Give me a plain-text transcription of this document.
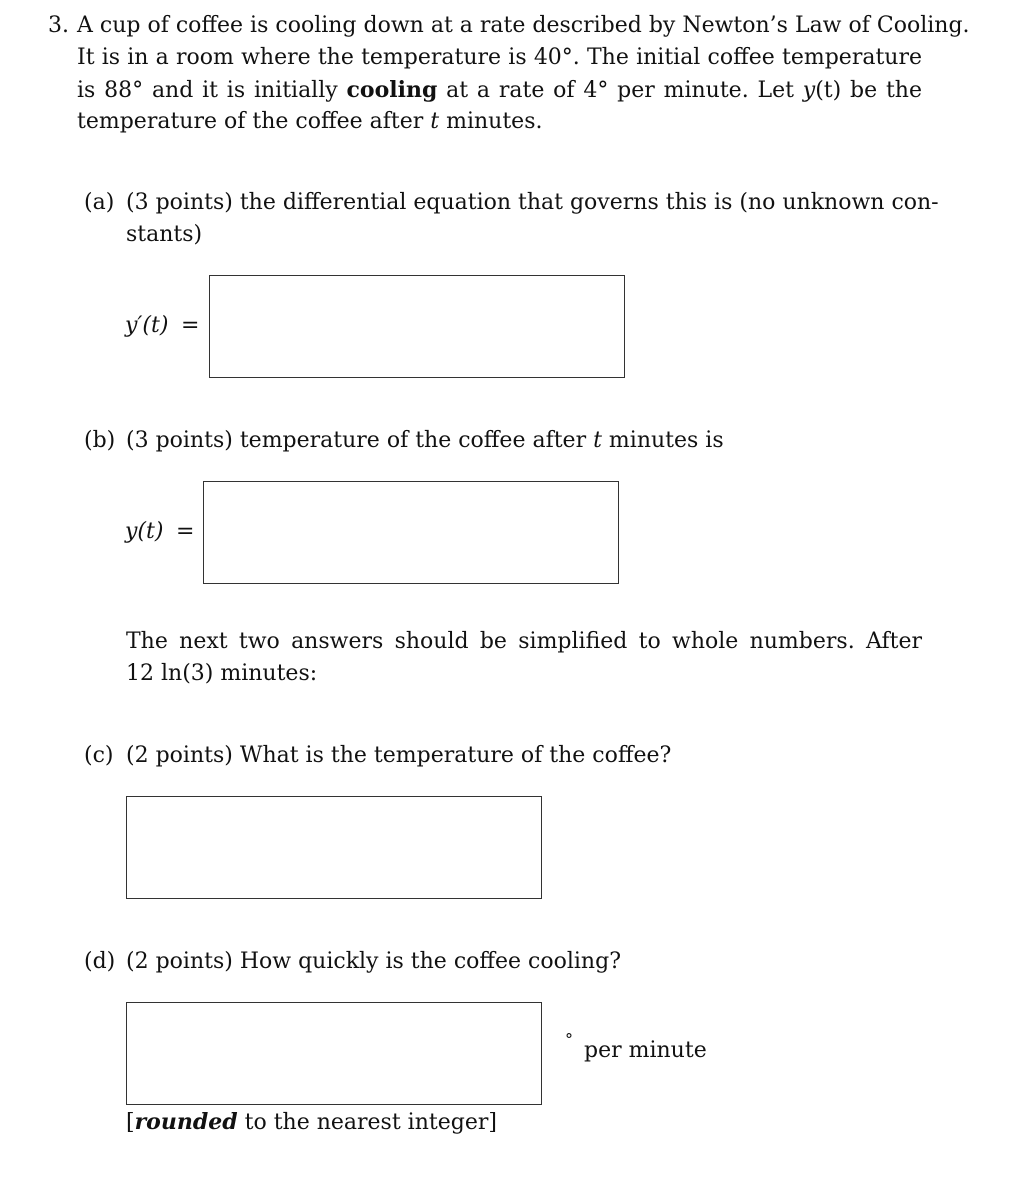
3. A cup of coffee is cooling down at a rate described by Newton’s Law of Cooling.
It is in a room where the temperature is 40°. The initial coffee temperature
is 88° and it is initially cooling at a rate of 4° per minute. Let y(t) be the
temperature of the coffee after t minutes.
(a) (3 points) the differential equation that governs this is (no unknown con-
stants)
y′(t) =
(b) (3 points) temperature of the coffee after t minutes is
y(t) =
The next two answers should be simplified to whole numbers. After
12 ln(3) minutes:
(c) (2 points) What is the temperature of the coffee?
(d) (2 points) How quickly is the coffee cooling?
° per minute
[rounded to the nearest integer]
